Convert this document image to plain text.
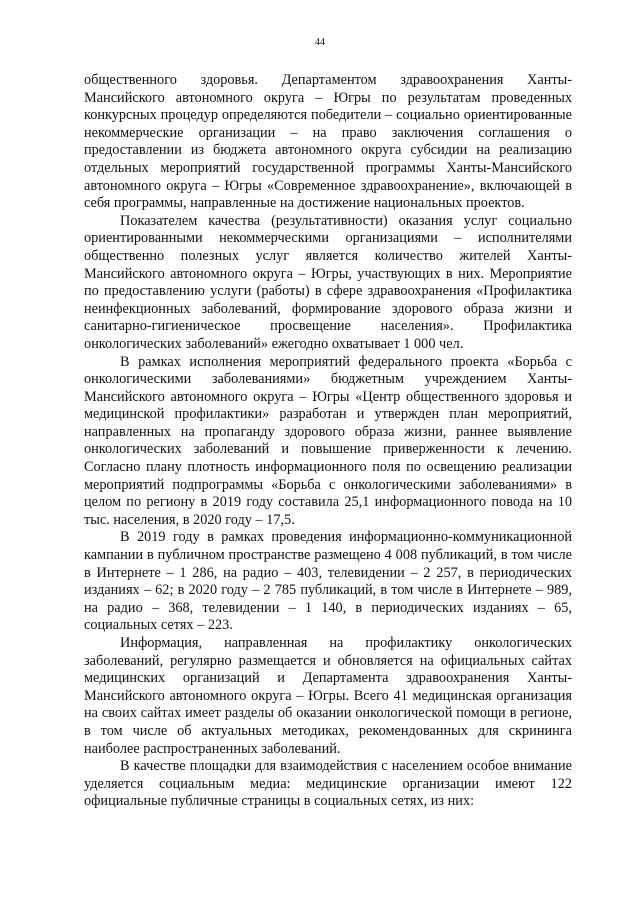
44

общественного здоровья. Департаментом здравоохранения Ханты-Мансийского автономного округа – Югры по результатам проведенных конкурсных процедур определяются победители – социально ориентированные некоммерческие организации – на право заключения соглашения о предоставлении из бюджета автономного округа субсидии на реализацию отдельных мероприятий государственной программы Ханты-Мансийского автономного округа – Югры «Современное здравоохранение», включающей в себя программы, направленные на достижение национальных проектов.

Показателем качества (результативности) оказания услуг социально ориентированными некоммерческими организациями – исполнителями общественно полезных услуг является количество жителей Ханты-Мансийского автономного округа – Югры, участвующих в них. Мероприятие по предоставлению услуги (работы) в сфере здравоохранения «Профилактика неинфекционных заболеваний, формирование здорового образа жизни и санитарно-гигиеническое просвещение населения». Профилактика онкологических заболеваний» ежегодно охватывает 1 000 чел.

В рамках исполнения мероприятий федерального проекта «Борьба с онкологическими заболеваниями» бюджетным учреждением Ханты-Мансийского автономного округа – Югры «Центр общественного здоровья и медицинской профилактики» разработан и утвержден план мероприятий, направленных на пропаганду здорового образа жизни, раннее выявление онкологических заболеваний и повышение приверженности к лечению. Согласно плану плотность информационного поля по освещению реализации мероприятий подпрограммы «Борьба с онкологическими заболеваниями» в целом по региону в 2019 году составила 25,1 информационного повода на 10 тыс. населения, в 2020 году – 17,5.

В 2019 году в рамках проведения информационно-коммуникационной кампании в публичном пространстве размещено 4 008 публикаций, в том числе в Интернете – 1 286, на радио – 403, телевидении – 2 257, в периодических изданиях – 62; в 2020 году – 2 785 публикаций, в том числе в Интернете – 989, на радио – 368, телевидении – 1 140, в периодических изданиях – 65, социальных сетях – 223.

Информация, направленная на профилактику онкологических заболеваний, регулярно размещается и обновляется на официальных сайтах медицинских организаций и Департамента здравоохранения Ханты-Мансийского автономного округа – Югры. Всего 41 медицинская организация на своих сайтах имеет разделы об оказании онкологической помощи в регионе, в том числе об актуальных методиках, рекомендованных для скрининга наиболее распространенных заболеваний.

В качестве площадки для взаимодействия с населением особое внимание уделяется социальным медиа: медицинские организации имеют 122 официальные публичные страницы в социальных сетях, из них:
